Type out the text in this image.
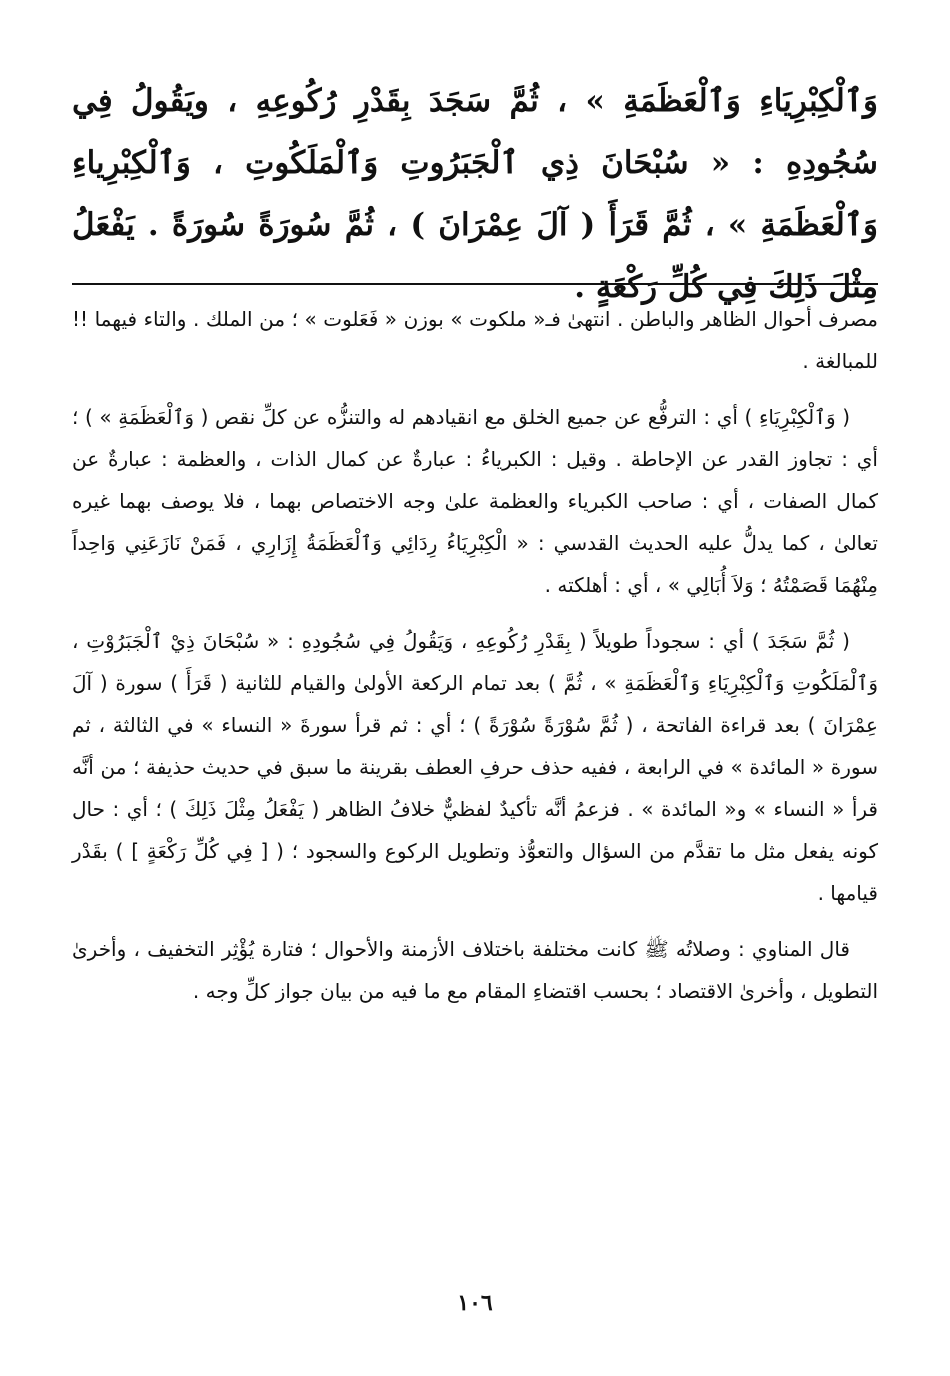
وَٱلْكِبْرِيَاءِ وَٱلْعَظَمَةِ » ، ثُمَّ سَجَدَ بِقَدْرِ رُكُوعِهِ ، ويَقُولُ فِي سُجُودِهِ : « سُبْحَانَ ذِي ٱلْجَبَرُوتِ وَٱلْمَلَكُوتِ ، وَٱلْكِبْرِياءِ وَٱلْعَظَمَةِ » ، ثُمَّ قَرَأَ ( آلَ عِمْرَانَ ) ، ثُمَّ سُورَةً سُورَةً . يَفْعَلُ مِثْلَ ذَلِكَ فِي كُلِّ رَكْعَةٍ .

مصرف أحوال الظاهر والباطن . انتهىٰ فـ« ملكوت » بوزن « فَعَلوت » ؛ من الملك . والتاء فيهما !! للمبالغة .

( وَٱلْكِبْرِيَاءِ ) أي : الترفُّع عن جميع الخلق مع انقيادهم له والتنزُّه عن كلِّ نقص ( وَٱلْعَظَمَةِ » ) ؛ أي : تجاوز القدر عن الإحاطة . وقيل : الكبرياءُ : عبارةٌ عن كمال الذات ، والعظمة : عبارةٌ عن كمال الصفات ، أي : صاحب الكبرياء والعظمة علىٰ وجه الاختصاص بهما ، فلا يوصف بهما غيره تعالىٰ ، كما يدلُّ عليه الحديث القدسي : « الْكِبْرِيَاءُ رِدَائِي وَٱلْعَظَمَةُ إِزَارِي ، فَمَنْ نَازَعَنِي وَاحِداً مِنْهُمَا قَصَمْتُهُ ؛ وَلاَ أُبَالِي » ، أي : أهلكته .

( ثُمَّ سَجَدَ ) أي : سجوداً طويلاً ( بِقَدْرِ رُكُوعِهِ ، وَيَقُولُ فِي سُجُودِهِ : « سُبْحَانَ ذِيْ ٱلْجَبَرُوْتِ ، وَٱلْمَلَكُوتِ وَٱلْكِبْرِيَاءِ وَٱلْعَظَمَةِ » ، ثُمَّ ) بعد تمام الركعة الأولىٰ والقيام للثانية ( قَرَأَ ) سورة ( آلَ عِمْرَانَ ) بعد قراءة الفاتحة ، ( ثُمَّ سُوْرَةً سُوْرَةً ) ؛ أي : ثم قرأ سورةَ « النساء » في الثالثة ، ثم سورة « المائدة » في الرابعة ، ففيه حذف حرفِ العطف بقرينة ما سبق في حديث حذيفة ؛ من أنَّه قرأ « النساء » و« المائدة » . فزعمُ أنَّه تأكيدٌ لفظيٌّ خلافُ الظاهر ( يَفْعَلُ مِثْلَ ذَلِكَ ) ؛ أي : حال كونه يفعل مثل ما تقدَّم من السؤال والتعوُّذ وتطويل الركوع والسجود ؛ ( [ فِي كُلِّ رَكْعَةٍ ] ) بقَدْر قيامها .

قال المناوي : وصلاتُه ﷺ كانت مختلفة باختلاف الأزمنة والأحوال ؛ فتارة يُؤْثِر التخفيف ، وأخرىٰ التطويل ، وأخرىٰ الاقتصاد ؛ بحسب اقتضاءِ المقام مع ما فيه من بيان جواز كلِّ وجه .

١٠٦
